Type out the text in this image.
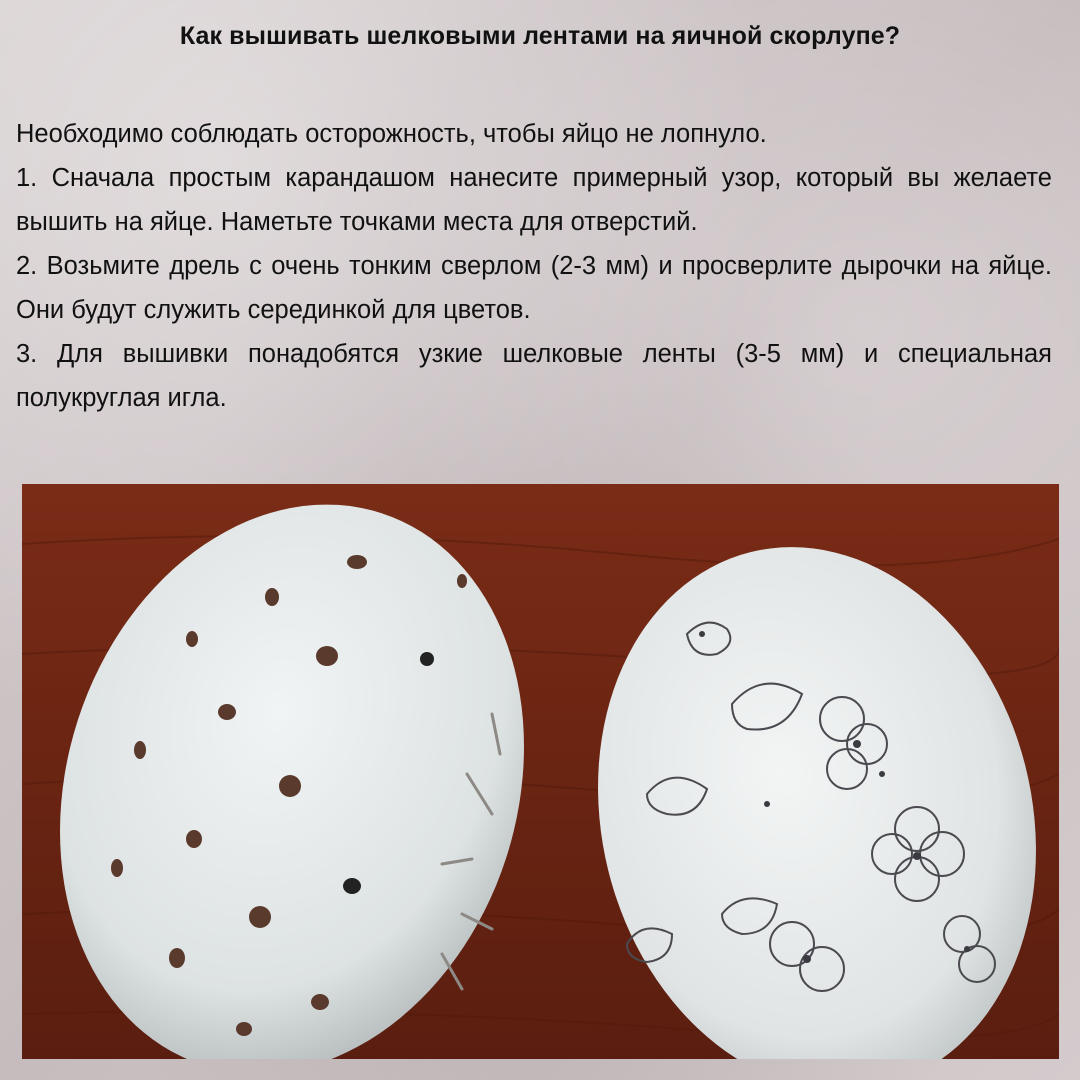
Как вышивать шелковыми лентами на яичной скорлупе?

Необходимо соблюдать осторожность, чтобы яйцо не лопнуло.

1. Сначала простым карандашом нанесите примерный узор, который вы желаете вышить на яйце. Наметьте точками места для отверстий.

2. Возьмите дрель с очень тонким сверлом (2-3 мм) и просверлите дырочки на яйце. Они будут служить серединкой для цветов.

3. Для вышивки понадобятся узкие шелковые ленты (3-5 мм) и специальная полукруглая игла.
